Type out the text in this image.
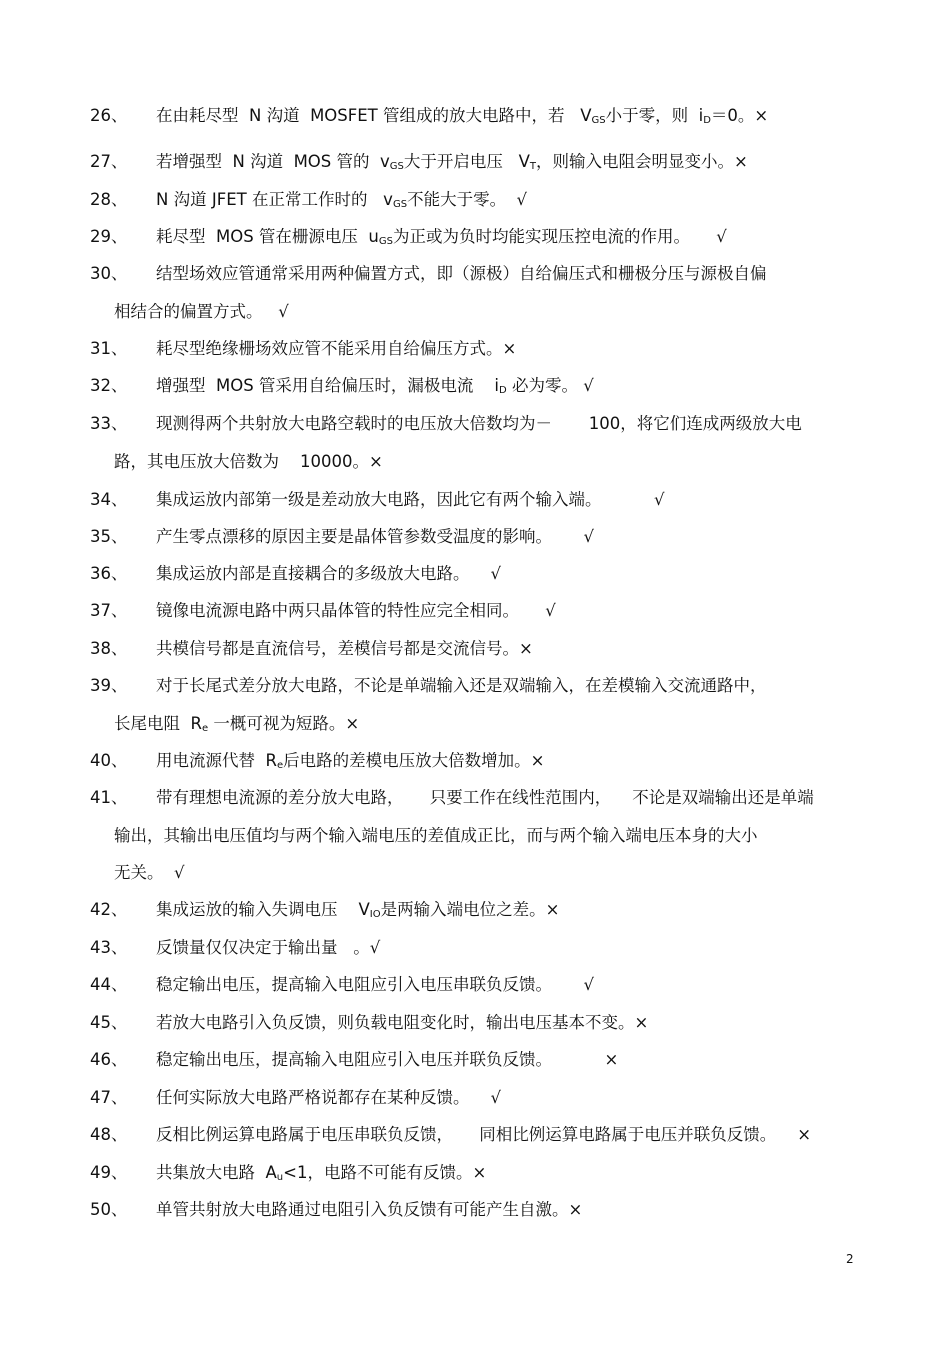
26、 在由耗尽型  N 沟道  MOSFET 管组成的放大电路中，若   VGS小于零，则  iD＝0。×
27、 若增强型  N 沟道  MOS 管的  vGS大于开启电压   VT，则输入电阻会明显变小。×
28、 N 沟道 JFET 在正常工作时的   vGS不能大于零。  √
29、 耗尽型  MOS 管在栅源电压  uGS为正或为负时均能实现压控电流的作用。     √
30、 结型场效应管通常采用两种偏置方式，即（源极）自给偏压式和栅极分压与源极自偏
相结合的偏置方式。   √
31、 耗尽型绝缘栅场效应管不能采用自给偏压方式。×
32、 增强型  MOS 管采用自给偏压时，漏极电流    iD 必为零。 √
33、 现测得两个共射放大电路空载时的电压放大倍数均为－       100，将它们连成两级放大电
路，其电压放大倍数为    10000。×
34、 集成运放内部第一级是差动放大电路，因此它有两个输入端。          √
35、 产生零点漂移的原因主要是晶体管参数受温度的影响。      √
36、 集成运放内部是直接耦合的多级放大电路。    √
37、 镜像电流源电路中两只晶体管的特性应完全相同。     √
38、 共模信号都是直流信号，差模信号都是交流信号。×
39、 对于长尾式差分放大电路，不论是单端输入还是双端输入，在差模输入交流通路中，
长尾电阻  Re 一概可视为短路。×
40、 用电流源代替  Re后电路的差模电压放大倍数增加。×
41、 带有理想电流源的差分放大电路，     只要工作在线性范围内，    不论是双端输出还是单端
输出，其输出电压值均与两个输入端电压的差值成正比，而与两个输入端电压本身的大小
无关。  √
42、 集成运放的输入失调电压    VIO是两输入端电位之差。×
43、 反馈量仅仅决定于输出量   。√
44、 稳定输出电压，提高输入电阻应引入电压串联负反馈。      √
45、 若放大电路引入负反馈，则负载电阻变化时，输出电压基本不变。×
46、 稳定输出电压，提高输入电阻应引入电压并联负反馈。          ×
47、 任何实际放大电路严格说都存在某种反馈。    √
48、 反相比例运算电路属于电压串联负反馈，     同相比例运算电路属于电压并联负反馈。    ×
49、 共集放大电路  Au<1，电路不可能有反馈。×
50、 单管共射放大电路通过电阻引入负反馈有可能产生自激。×
2
